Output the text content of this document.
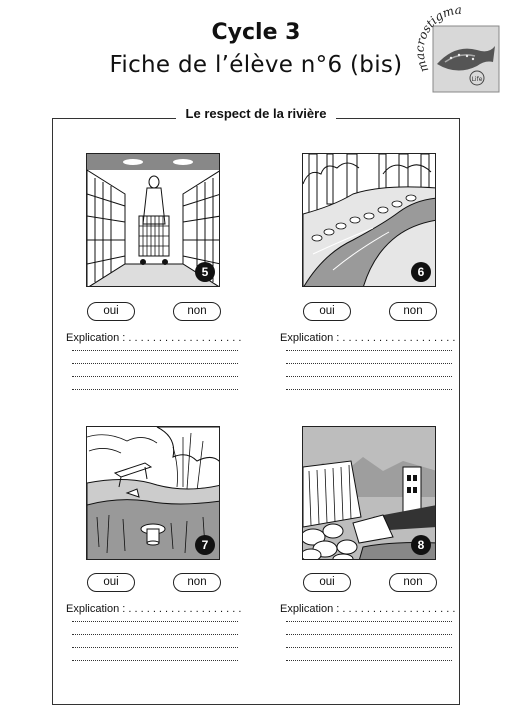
Cycle 3
Fiche de l’élève n°6 (bis)
Life
m ostigma
Le respect de la rivière
5
oui	non
Explication : . . . . . . . . . . . . . . . . . . .
6
oui	non
Explication : . . . . . . . . . . . . . . . . . . .
7
oui	non
Explication : . . . . . . . . . . . . . . . . . . .
8
oui	non
Explication : . . . . . . . . . . . . . . . . . . .
